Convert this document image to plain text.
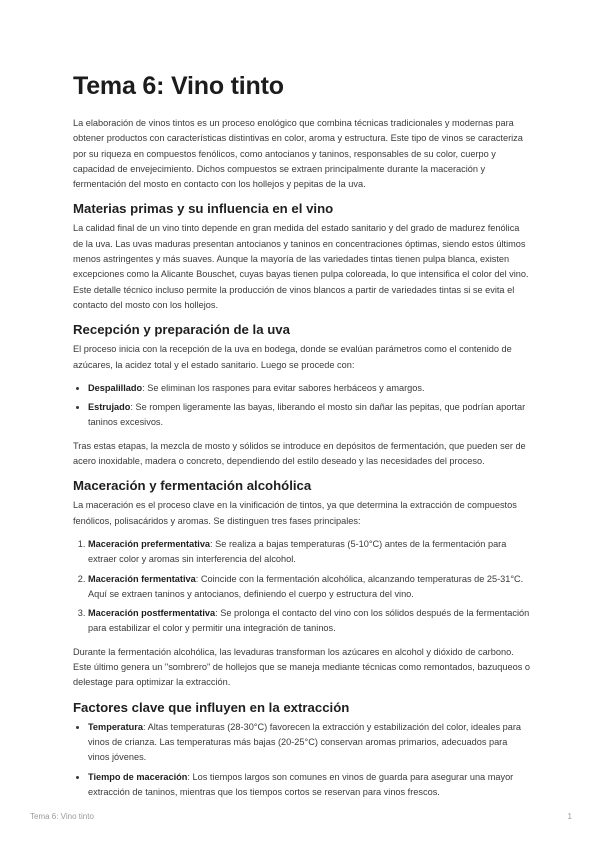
Tema 6: Vino tinto

La elaboración de vinos tintos es un proceso enológico que combina técnicas tradicionales y modernas para obtener productos con características distintivas en color, aroma y estructura. Este tipo de vinos se caracteriza por su riqueza en compuestos fenólicos, como antocianos y taninos, responsables de su color, cuerpo y capacidad de envejecimiento. Dichos compuestos se extraen principalmente durante la maceración y fermentación del mosto en contacto con los hollejos y pepitas de la uva.

Materias primas y su influencia en el vino

La calidad final de un vino tinto depende en gran medida del estado sanitario y del grado de madurez fenólica de la uva. Las uvas maduras presentan antocianos y taninos en concentraciones óptimas, siendo estos últimos menos astringentes y más suaves. Aunque la mayoría de las variedades tintas tienen pulpa blanca, existen excepciones como la Alicante Bouschet, cuyas bayas tienen pulpa coloreada, lo que intensifica el color del vino. Este detalle técnico incluso permite la producción de vinos blancos a partir de variedades tintas si se evita el contacto del mosto con los hollejos.

Recepción y preparación de la uva

El proceso inicia con la recepción de la uva en bodega, donde se evalúan parámetros como el contenido de azúcares, la acidez total y el estado sanitario. Luego se procede con:

• Despalillado: Se eliminan los raspones para evitar sabores herbáceos y amargos.
• Estrujado: Se rompen ligeramente las bayas, liberando el mosto sin dañar las pepitas, que podrían aportar taninos excesivos.

Tras estas etapas, la mezcla de mosto y sólidos se introduce en depósitos de fermentación, que pueden ser de acero inoxidable, madera o concreto, dependiendo del estilo deseado y las necesidades del proceso.

Maceración y fermentación alcohólica

La maceración es el proceso clave en la vinificación de tintos, ya que determina la extracción de compuestos fenólicos, polisacáridos y aromas. Se distinguen tres fases principales:

1. Maceración prefermentativa: Se realiza a bajas temperaturas (5-10°C) antes de la fermentación para extraer color y aromas sin interferencia del alcohol.
2. Maceración fermentativa: Coincide con la fermentación alcohólica, alcanzando temperaturas de 25-31°C. Aquí se extraen taninos y antocianos, definiendo el cuerpo y estructura del vino.
3. Maceración postfermentativa: Se prolonga el contacto del vino con los sólidos después de la fermentación para estabilizar el color y permitir una integración de taninos.

Durante la fermentación alcohólica, las levaduras transforman los azúcares en alcohol y dióxido de carbono. Este último genera un "sombrero" de hollejos que se maneja mediante técnicas como remontados, bazuqueos o delestage para optimizar la extracción.

Factores clave que influyen en la extracción
• Temperatura: Altas temperaturas (28-30°C) favorecen la extracción y estabilización del color, ideales para vinos de crianza. Las temperaturas más bajas (20-25°C) conservan aromas primarios, adecuados para vinos jóvenes.
• Tiempo de maceración: Los tiempos largos son comunes en vinos de guarda para asegurar una mayor extracción de taninos, mientras que los tiempos cortos se reservan para vinos frescos.
Tema 6: Vino tinto	1
